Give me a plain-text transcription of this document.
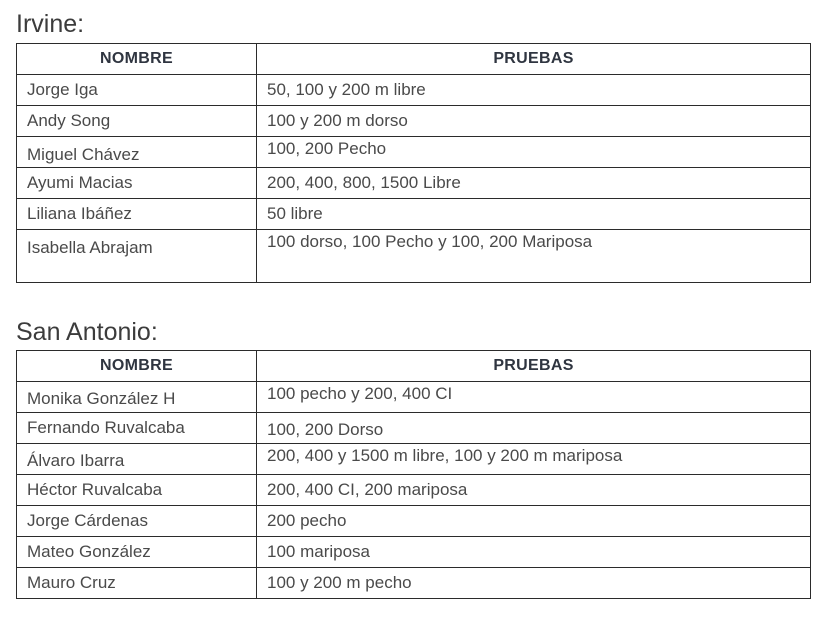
Irvine:
NOMBRE	PRUEBAS
Jorge Iga	50, 100 y 200 m libre
Andy Song	100 y 200 m dorso
Miguel Chávez	100, 200 Pecho
Ayumi Macias	200, 400, 800, 1500 Libre
Liliana Ibáñez	50 libre
Isabella Abrajam	100 dorso, 100 Pecho y 100, 200 Mariposa
San Antonio:
NOMBRE	PRUEBAS
Monika González H	100 pecho y 200, 400 CI
Fernando Ruvalcaba	100, 200 Dorso
Álvaro Ibarra	200, 400 y 1500 m libre, 100 y 200 m mariposa
Héctor Ruvalcaba	200, 400 CI, 200 mariposa
Jorge Cárdenas	200 pecho
Mateo González	100 mariposa
Mauro Cruz	100 y 200 m pecho
